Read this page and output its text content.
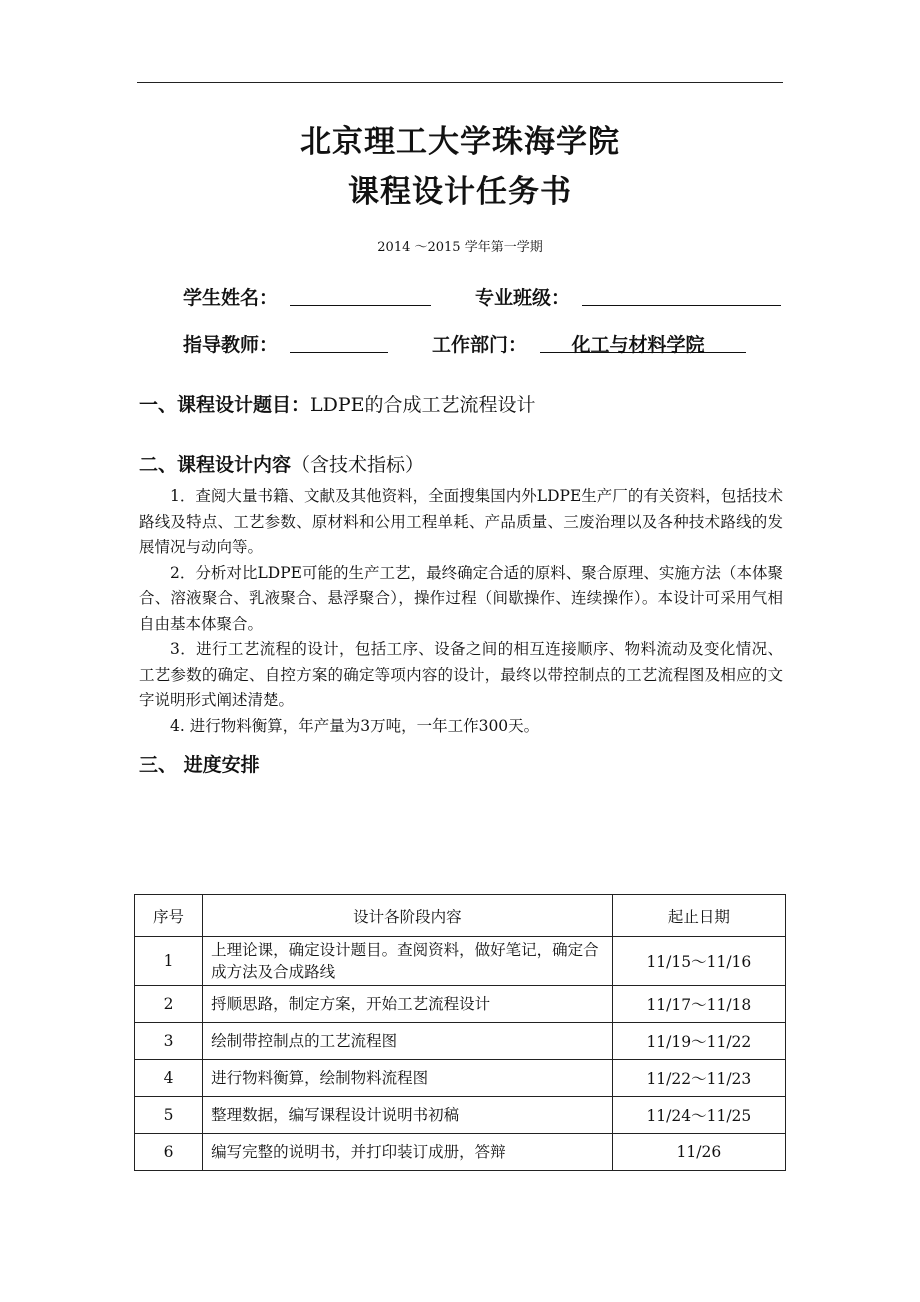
北京理工大学珠海学院
课程设计任务书
2014 ～2015 学年第一学期
学生姓名：	专业班级：
指导教师：	工作部门：	化工与材料学院
一、课程设计题目：LDPE的合成工艺流程设计
二、课程设计内容（含技术指标）

1．查阅大量书籍、文献及其他资料，全面搜集国内外LDPE生产厂的有关资料，包括技术路线及特点、工艺参数、原材料和公用工程单耗、产品质量、三废治理以及各种技术路线的发展情况与动向等。

2．分析对比LDPE可能的生产工艺，最终确定合适的原料、聚合原理、实施方法（本体聚合、溶液聚合、乳液聚合、悬浮聚合），操作过程（间歇操作、连续操作）。本设计可采用气相自由基本体聚合。

3．进行工艺流程的设计，包括工序、设备之间的相互连接顺序、物料流动及变化情况、工艺参数的确定、自控方案的确定等项内容的设计，最终以带控制点的工艺流程图及相应的文字说明形式阐述清楚。

4. 进行物料衡算，年产量为3万吨，一年工作300天。

三、 进度安排
序号	设计各阶段内容	起止日期
1	上理论课，确定设计题目。查阅资料，做好笔记，确定合成方法及合成路线	11/15～11/16
2	捋顺思路，制定方案，开始工艺流程设计	11/17～11/18
3	绘制带控制点的工艺流程图	11/19～11/22
4	进行物料衡算，绘制物料流程图	11/22～11/23
5	整理数据，编写课程设计说明书初稿	11/24～11/25
6	编写完整的说明书，并打印装订成册，答辩	11/26
